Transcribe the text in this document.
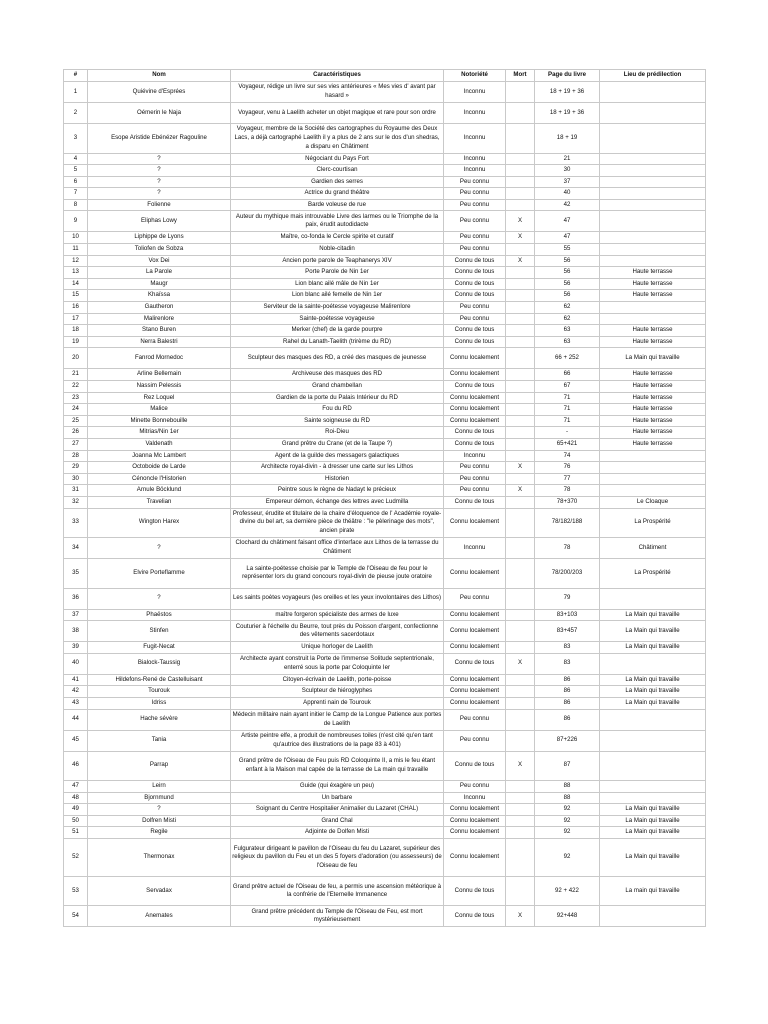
#	Nom	Caractéristiques	Notoriété	Mort	Page du livre	Lieu de prédilection
1	Quiévine d'Esprées	Voyageur, rédige un livre sur ses vies antérieures « Mes vies d' avant par hasard »	Inconnu		18 + 19 + 36	
2	Oémerin le Naja	Voyageur, venu à Laelith acheter un objet magique et rare pour son ordre	Inconnu		18 + 19 + 36	
3	Esope Aristide Ebénézer Ragouline	Voyageur, membre de la Société des cartographes du Royaume des Deux Lacs, a déjà cartographé Laelith il y a plus de 2 ans sur le dos d'un shedras, a disparu en Châtiment	Inconnu		18 + 19	
4	?	Négociant du Pays Fort	Inconnu		21	
5	?	Clerc-courtisan	Inconnu		30	
6	?	Gardien des serres	Peu connu		37	
7	?	Actrice du grand théâtre	Peu connu		40	
8	Folienne	Barde voleuse de rue	Peu connu		42	
9	Eliphas Lowy	Auteur du mythique mais introuvable Livre des larmes ou le Triomphe de la paix, érudit autodidacte	Peu connu	X	47	
10	Liphippe de Lyons	Maître, co-fonda le Cercle spirite et curatif	Peu connu	X	47	
11	Toliofen de Sobza	Noble-citadin	Peu connu		55	
12	Vox Dei	Ancien porte parole de Teaphanerys XIV	Connu de tous	X	56	
13	La Parole	Porte Parole de Nin 1er	Connu de tous		56	Haute terrasse
14	Maugr	Lion blanc ailé mâle de Nin 1er	Connu de tous		56	Haute terrasse
15	Khaïssa	Lion blanc ailé femelle de Nin 1er	Connu de tous		56	Haute terrasse
16	Gautheron	Serviteur de la sainte-poétesse voyageuse Malirenlore	Peu connu		62	
17	Malirenlore	Sainte-poétesse voyageuse	Peu connu		62	
18	Stano Buren	Merker (chef) de la garde pourpre	Connu de tous		63	Haute terrasse
19	Nerra Balestri	Rahel du Lanath-Taelith (trirème du RD)	Connu de tous		63	Haute terrasse
20	Fanrod Mornedoc	Sculpteur des masques des RD, a créé des masques de jeunesse	Connu localement		66 + 252	La Main qui travaille
21	Arline Bellemain	Archiveuse des masques des RD	Connu localement		66	Haute terrasse
22	Nassim Pelessis	Grand chambellan	Connu de tous		67	Haute terrasse
23	Rez Loquel	Gardien de la porte du Palais Intérieur du RD	Connu localement		71	Haute terrasse
24	Malice	Fou du RD	Connu localement		71	Haute terrasse
25	Minette Bonnebouille	Sainte soigneuse du RD	Connu localement		71	Haute terrasse
26	Mitrias/Nin 1er	Roi-Dieu	Connu de tous		-	Haute terrasse
27	Valdenath	Grand prêtre du Crane (et de la Taupe ?)	Connu de tous		65+421	Haute terrasse
28	Joanna Mc Lambert	Agent de la guilde des messagers galactiques	Inconnu		74	
29	Octoboide de Larde	Architecte royal-divin - à dresser une carte sur les Lithos	Peu connu	X	76	
30	Cénoncle l'Historien	Historien	Peu connu		77	
31	Arnule Böcklund	Peintre sous le règne de Nadayt le précieux	Peu connu	X	78	
32	Travelian	Empereur démon, échange des lettres avec Ludmilla	Connu de tous		78+370	Le Cloaque
33	Wington Harex	Professeur, érudite et titulaire de la chaire d'éloquence de l' Académie royale-divine du bel art, sa dernière pièce de théâtre : "le pèlerinage des mots", ancien pirate	Connu localement		78/182/188	La Prospérité
34	?	Clochard du châtiment faisant office d'interface aux Lithos de la terrasse du Châtiment	Inconnu		78	Châtiment
35	Elvire Porteflamme	La sainte-poétesse choisie par le Temple de l'Oiseau de feu pour le représenter lors du grand concours royal-divin de pieuse joute oratoire	Connu localement		78/200/203	La Prospérité
36	?	Les saints poètes voyageurs (les oreilles et les yeux involontaires des Lithos)	Peu connu		79	
37	Phaëstos	maître forgeron spécialiste des armes de luxe	Connu localement		83+103	La Main qui travaille
38	Stinfen	Couturier à l'échelle du Beurre, tout près du Poisson d'argent, confectionne des vêtements sacerdotaux	Connu localement		83+457	La Main qui travaille
39	Fugit-Necat	Unique horloger de Laelith	Connu localement		83	La Main qui travaille
40	Bialock-Taussig	Architecte ayant construit la Porte de l'immense Solitude septentrionale, enterré sous la porte par Coloquinte Ier	Connu de tous	X	83	
41	Hildefons-René de Castelluisant	Citoyen-écrivain de Laelith, porte-poisse	Connu localement		86	La Main qui travaille
42	Tourouk	Sculpteur de hiéroglyphes	Connu localement		86	La Main qui travaille
43	Idriss	Apprenti nain de Tourouk	Connu localement		86	La Main qui travaille
44	Hache sévère	Médecin militaire nain ayant initier le Camp de la Longue Patience aux portes de Laelith	Peu connu		86	
45	Tania	Artiste peintre elfe, a produit de nombreuses toiles (n'est cité qu'en tant qu'autrice des illustrations de la page 83 à 401)	Peu connu		87+226	
46	Parrap	Grand prêtre de l'Oiseau de Feu puis RD Coloquinte II, a mis le feu étant enfant à la Maison mal capée de la terrasse de La main qui travaille	Connu de tous	X	87	
47	Leirn	Guide (qui éxagère un peu)	Peu connu		88	
48	Bjornmund	Un barbare	Inconnu		88	
49	?	Soignant du Centre Hospitalier Animalier du Lazaret (CHAL)	Connu localement		92	La Main qui travaille
50	Dolfren Misti	Grand Chal	Connu localement		92	La Main qui travaille
51	Regile	Adjointe de Dolfen Misti	Connu localement		92	La Main qui travaille
52	Thermonax	Fulgurateur dirigeant le pavillon de l'Oiseau du feu du Lazaret, supérieur des religieux du pavillon du Feu et un des 5 foyers d'adoration (ou assesseurs) de l'Oiseau de feu	Connu localement		92	La Main qui travaille
53	Servadax	Grand prêtre actuel de l'Oiseau de feu, a permis une ascension météorique à la confrérie de l'Eternelle Immanence	Connu de tous		92 + 422	La main qui travaille
54	Anemates	Grand prêtre précédent du Temple de l'Oiseau de Feu, est mort mystérieusement	Connu de tous	X	92+448	
